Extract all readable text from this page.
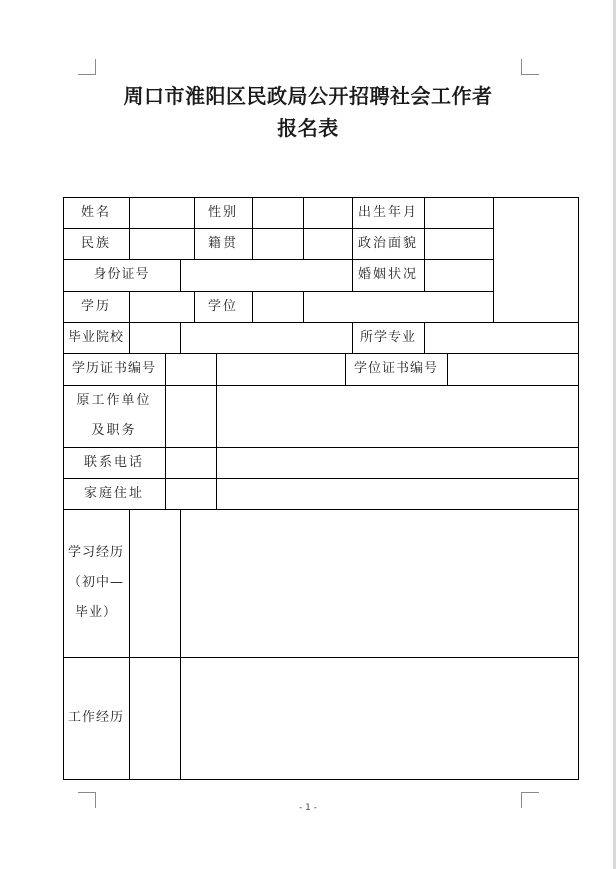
周口市淮阳区民政局公开招聘社会工作者
报名表
姓名	性别	出生年月
民族	籍贯	政治面貌
身份证号	婚姻状况
学历	学位
毕业院校	所学专业
学历证书编号	学位证书编号
原工作单位
及职务
联系电话
家庭住址
学习经历
（初中—
毕业）
工作经历
- 1 -
